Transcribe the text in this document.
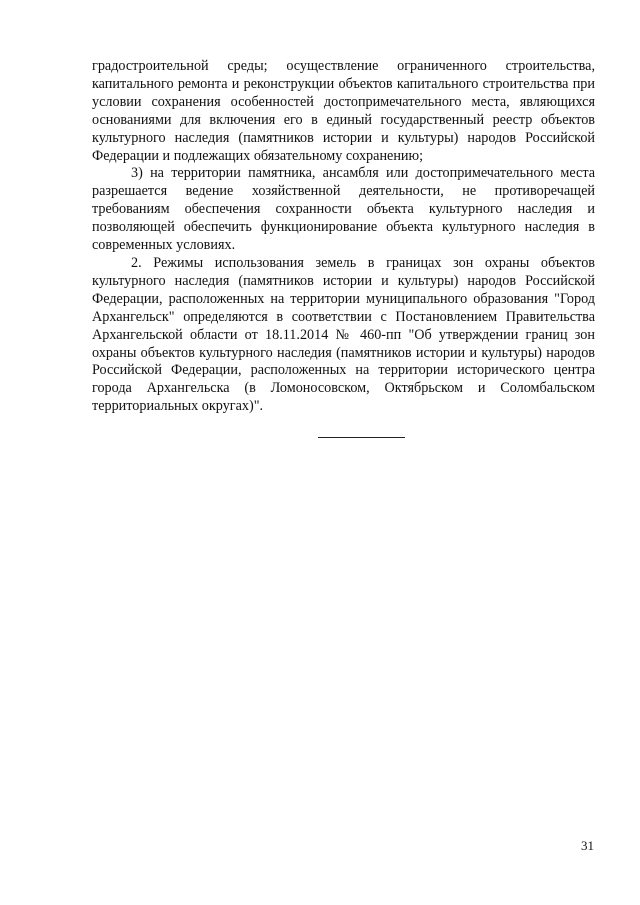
градостроительной среды; осуществление ограниченного строительства, капитального ремонта и реконструкции объектов капитального строительства при условии сохранения особенностей достопримечательного места, являющихся основаниями для включения его в единый государственный реестр объектов культурного наследия (памятников истории и культуры) народов Российской Федерации и подлежащих обязательному сохранению;

3) на территории памятника, ансамбля или достопримечательного места разрешается ведение хозяйственной деятельности, не противоречащей требованиям обеспечения сохранности объекта культурного наследия и позволяющей обеспечить функционирование объекта культурного наследия в современных условиях.

2. Режимы использования земель в границах зон охраны объектов культурного наследия (памятников истории и культуры) народов Российской Федерации, расположенных на территории муниципального образования "Город Архангельск" определяются в соответствии с Постановлением Правительства Архангельской области от 18.11.2014 № 460-пп "Об утверждении границ зон охраны объектов культурного наследия (памятников истории и культуры) народов Российской Федерации, расположенных на территории исторического центра города Архангельска (в Ломоносовском, Октябрьском и Соломбальском территориальных округах)".

31
